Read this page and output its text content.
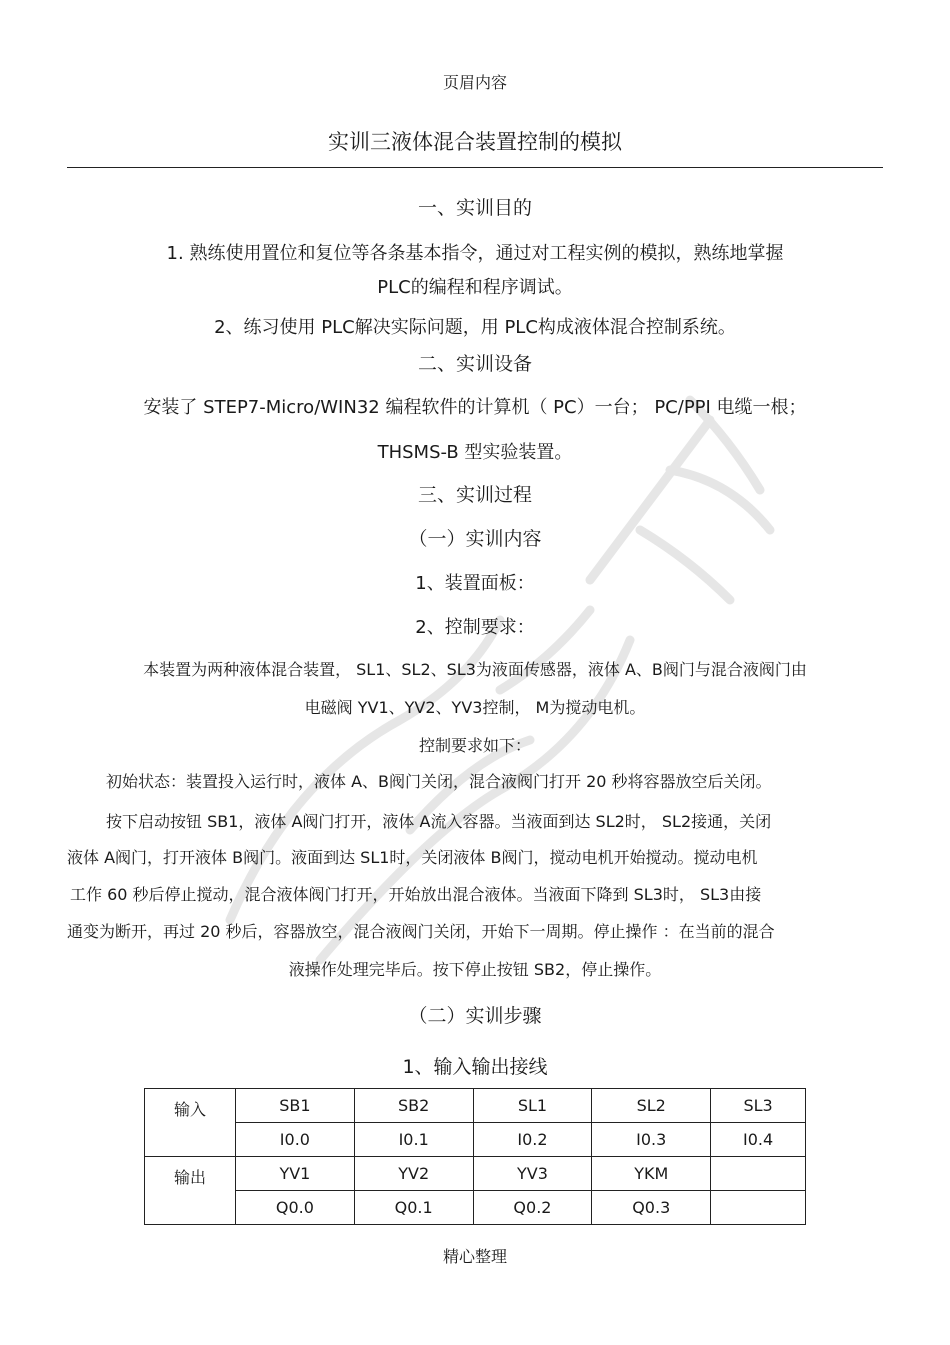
页眉内容
实训三液体混合装置控制的模拟
一、实训目的
1. 熟练使用置位和复位等各条基本指令，通过对工程实例的模拟，熟练地掌握
PLC的编程和程序调试。
2、练习使用 PLC解决实际问题，用 PLC构成液体混合控制系统。
二、实训设备
安装了 STEP7-Micro/WIN32 编程软件的计算机（ PC）一台； PC/PPI 电缆一根；
THSMS-B 型实验装置。
三、实训过程
（一）实训内容
1、装置面板：
2、控制要求：
本装置为两种液体混合装置， SL1、SL2、SL3为液面传感器，液体 A、B阀门与混合液阀门由
电磁阀 YV1、YV2、YV3控制， M为搅动电机。
控制要求如下：
初始状态：装置投入运行时，液体 A、B阀门关闭，混合液阀门打开 20 秒将容器放空后关闭。
按下启动按钮 SB1，液体 A阀门打开，液体 A流入容器。当液面到达 SL2时， SL2接通，关闭
液体 A阀门，打开液体 B阀门。液面到达 SL1时，关闭液体 B阀门，搅动电机开始搅动。搅动电机
工作 60 秒后停止搅动，混合液体阀门打开，开始放出混合液体。当液面下降到 SL3时， SL3由接
通变为断开，再过 20 秒后，容器放空，混合液阀门关闭，开始下一周期。停止操作 ：在当前的混合
液操作处理完毕后。按下停止按钮 SB2，停止操作。
（二）实训步骤
1、输入输出接线
输入	SB1	SB2	SL1	SL2	SL3
	I0.0	I0.1	I0.2	I0.3	I0.4
输出	YV1	YV2	YV3	YKM	
	Q0.0	Q0.1	Q0.2	Q0.3	
精心整理
